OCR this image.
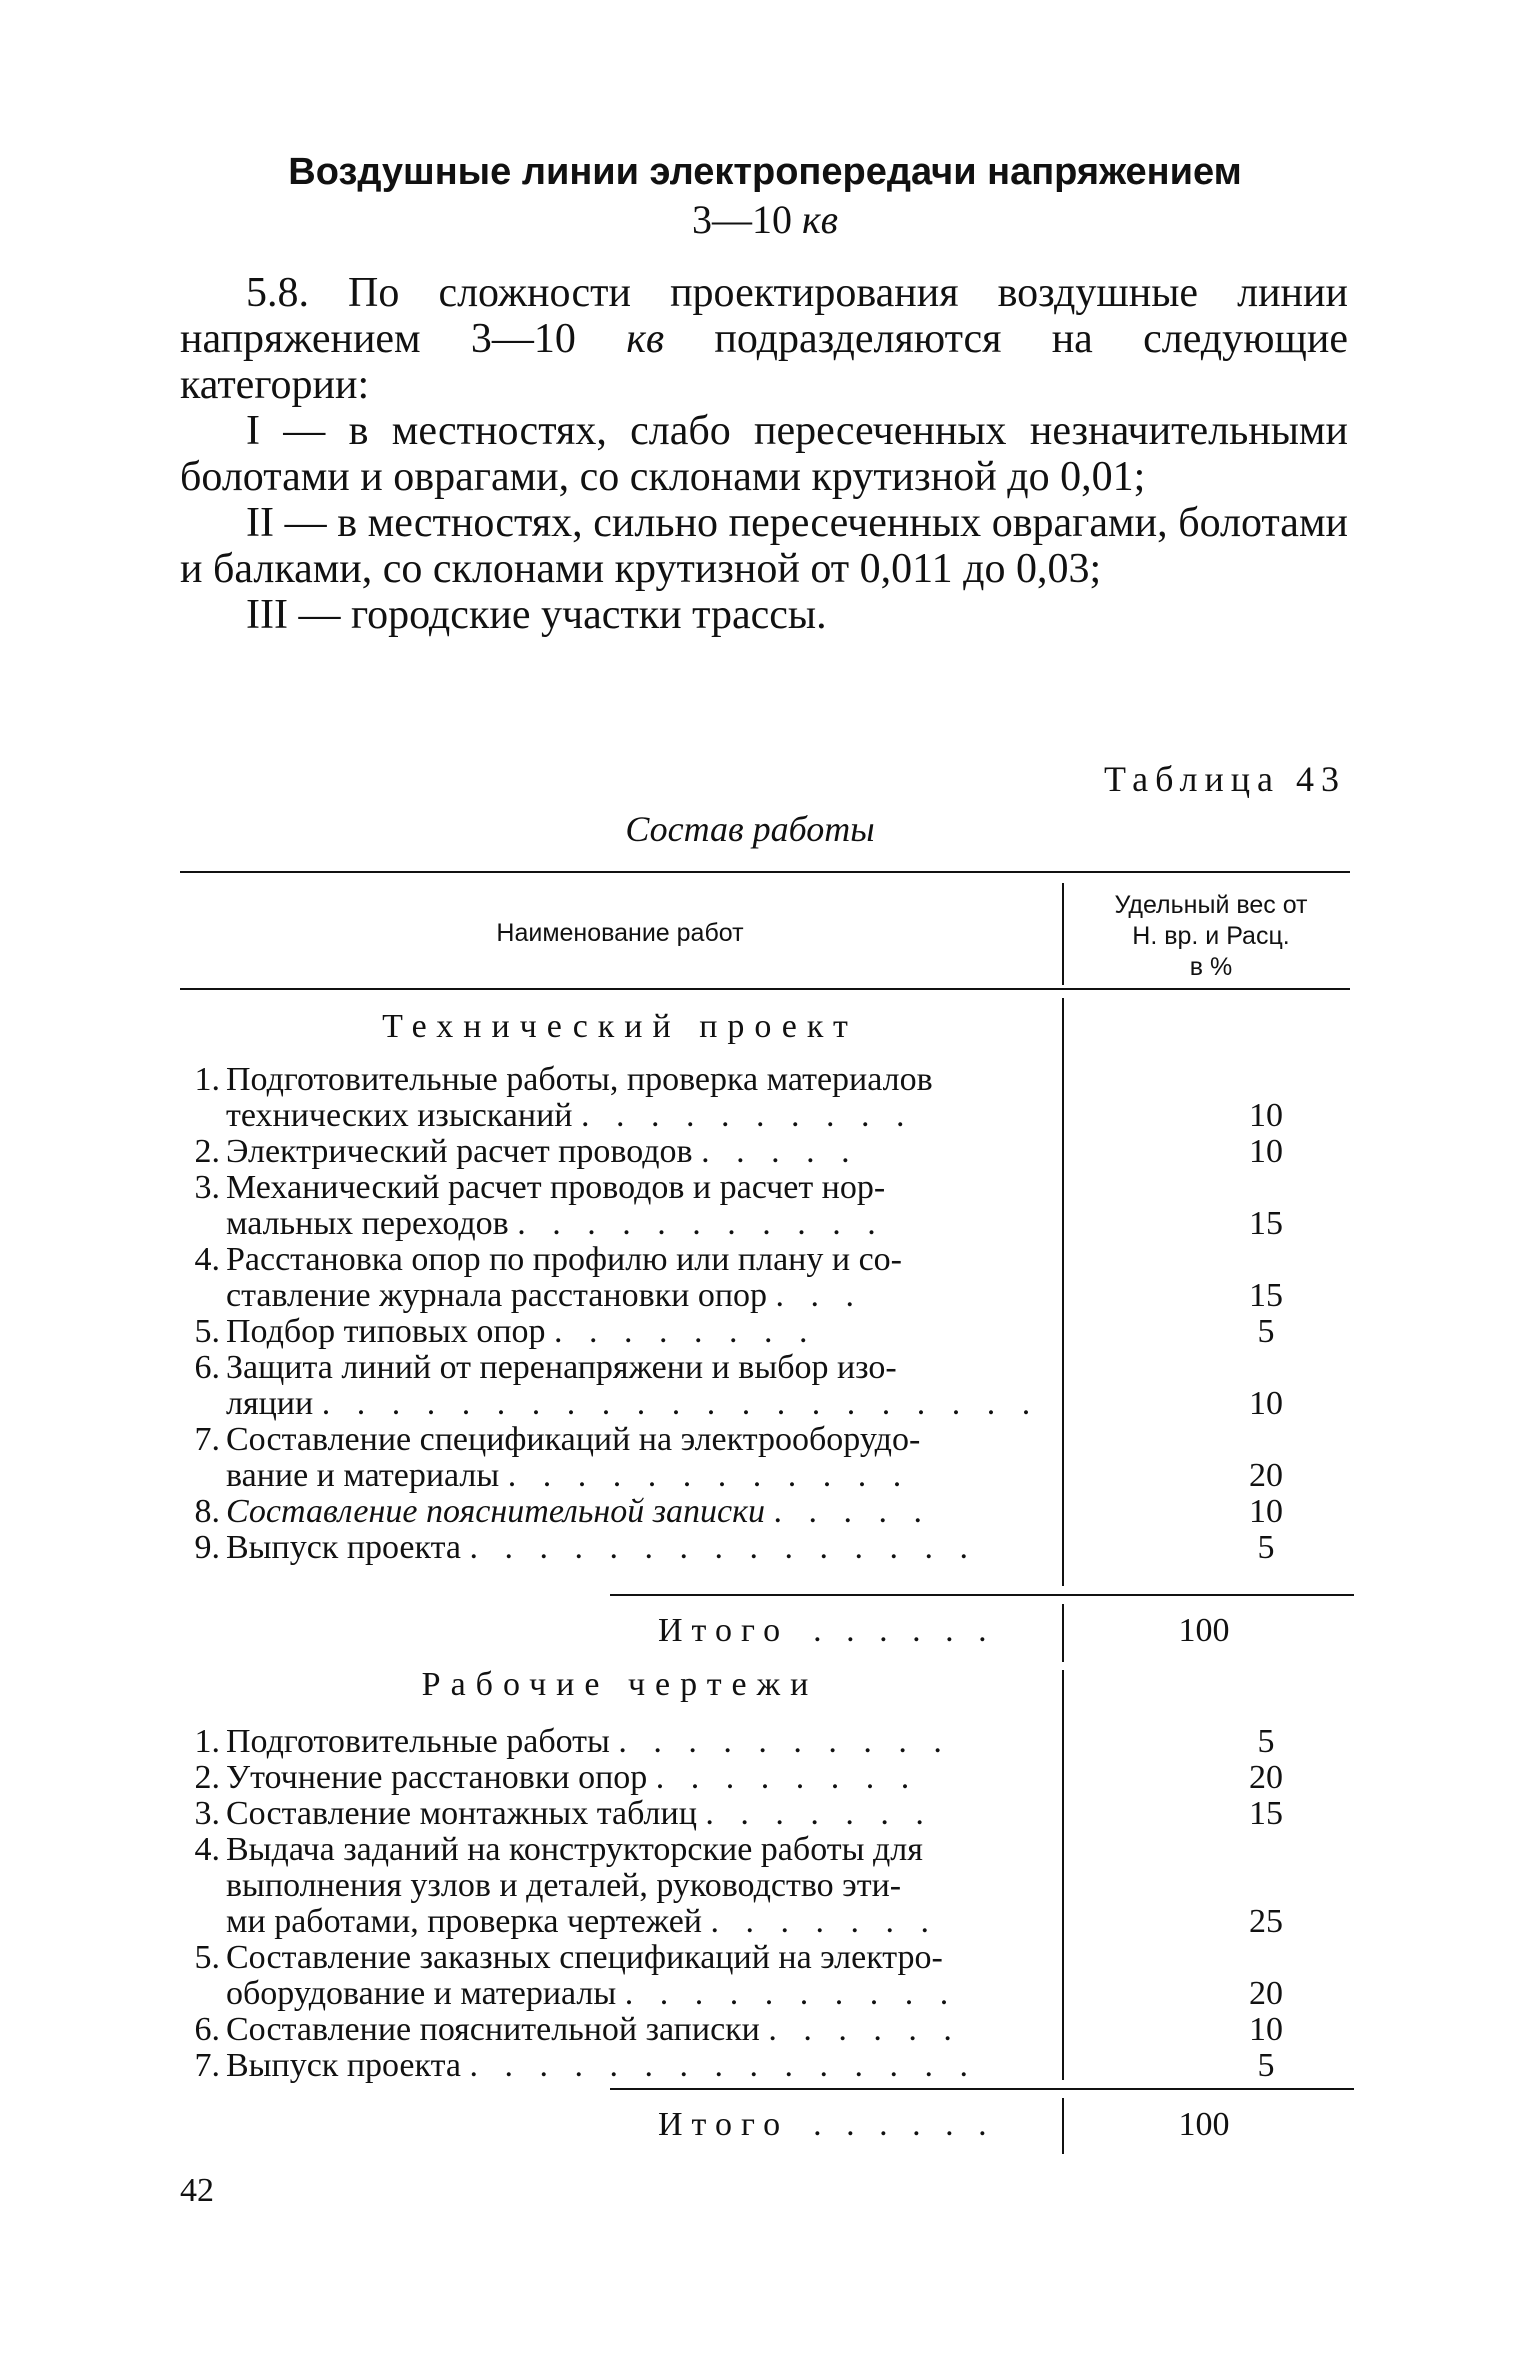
Воздушные линии электропередачи напряжением
3—10 кв

5.8. По сложности проектирования воздушные линии напряжением 3—10 кв подразделяются на следующие категории:

I — в местностях, слабо пересеченных незначительными болотами и оврагами, со склонами крутизной до 0,01;

II — в местностях, сильно пересеченных оврагами, болотами и балками, со склонами крутизной от 0,011 до 0,03;

III — городские участки трассы.

Таблица 43
Состав работы
Наименование работ
Удельный вес от
Н. вр. и Расц.
в %
Технический проект
1. Подготовительные работы, проверка материалов
технических изысканий . . . . . . . . . .	10
2. Электрический расчет проводов . . . . .	10
3. Механический расчет проводов и расчет нор-
мальных переходов . . . . . . . . . . .	15
4. Расстановка опор по профилю или плану и со-
ставление журнала расстановки опор . . .	15
5. Подбор типовых опор . . . . . . . .	5
6. Защита линий от перенапряжени и выбор изо-
ляции . . . . . . . . . . . . . . . . . . . . .	10
7. Составление спецификаций на электрооборудо-
вание и материалы . . . . . . . . . . . .	20
8. Составление пояснительной записки . . . . .	10
9. Выпуск проекта . . . . . . . . . . . . . . .	5
Итого . . . . . .	100
Рабочие чертежи
1. Подготовительные работы . . . . . . . . . .	5
2. Уточнение расстановки опор . . . . . . . .	20
3. Составление монтажных таблиц . . . . . . .	15
4. Выдача заданий на конструкторские работы для
выполнения узлов и деталей, руководство эти-
ми работами, проверка чертежей . . . . . . .	25
5. Составление заказных спецификаций на электро-
оборудование и материалы . . . . . . . . . .	20
6. Составление пояснительной записки . . . . . .	10
7. Выпуск проекта . . . . . . . . . . . . . . .	5
Итого . . . . . .	100
42
